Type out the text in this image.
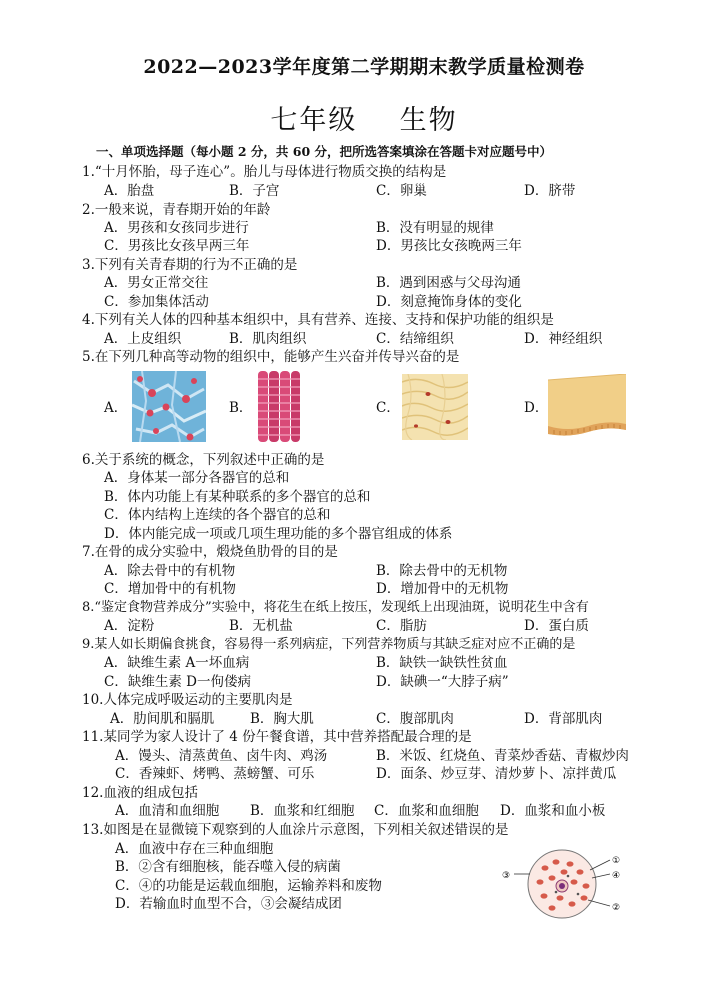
2022—2023学年度第二学期期末教学质量检测卷
七年级 生物
一、单项选择题（每小题 2 分，共 60 分，把所选答案填涂在答题卡对应题号中）
1.“十月怀胎，母子连心”。胎儿与母体进行物质交换的结构是
A．胎盘	B．子宫	C．卵巢	D．脐带
2.一般来说，青春期开始的年龄
A．男孩和女孩同步进行	B．没有明显的规律
C．男孩比女孩早两三年	D．男孩比女孩晚两三年
3.下列有关青春期的行为不正确的是
A．男女正常交往	B．遇到困惑与父母沟通
C．参加集体活动	D．刻意掩饰身体的变化
4.下列有关人体的四种基本组织中，具有营养、连接、支持和保护功能的组织是
A．上皮组织	B．肌肉组织	C．结缔组织	D．神经组织
5.在下列几种高等动物的组织中，能够产生兴奋并传导兴奋的是
A．	B．	C．	D．
6.关于系统的概念，下列叙述中正确的是
A．身体某一部分各器官的总和
B．体内功能上有某种联系的多个器官的总和
C．体内结构上连续的各个器官的总和
D．体内能完成一项或几项生理功能的多个器官组成的体系
7.在骨的成分实验中，煅烧鱼肋骨的目的是
A．除去骨中的有机物	B．除去骨中的无机物
C．增加骨中的有机物	D．增加骨中的无机物
8.“鉴定食物营养成分”实验中，将花生在纸上按压，发现纸上出现油斑，说明花生中含有
A．淀粉	B．无机盐	C．脂肪	D．蛋白质
9.某人如长期偏食挑食，容易得一系列病症，下列营养物质与其缺乏症对应不正确的是
A．缺维生素 A一坏血病	B．缺铁一缺铁性贫血
C．缺维生素 D一佝偻病	D．缺碘一“大脖子病”
10.人体完成呼吸运动的主要肌肉是
A．肋间肌和膈肌	B．胸大肌	C．腹部肌肉	D．背部肌肉
11.某同学为家人设计了 4 份午餐食谱，其中营养搭配最合理的是
A．馒头、清蒸黄鱼、卤牛肉、鸡汤	B．米饭、红烧鱼、青菜炒香菇、青椒炒肉
C．香辣虾、烤鸭、蒸螃蟹、可乐	D．面条、炒豆芽、清炒萝卜、凉拌黄瓜
12.血液的组成包括
A．血清和血细胞 B．血浆和红细胞 C．血浆和血细胞 D．血浆和血小板
13.如图是在显微镜下观察到的人血涂片示意图，下列相关叙述错误的是
A．血液中存在三种血细胞
B．②含有细胞核，能吞噬入侵的病菌
C．④的功能是运载血细胞，运输养料和废物
D．若输血时血型不合，③会凝结成团
①
④
③
②
